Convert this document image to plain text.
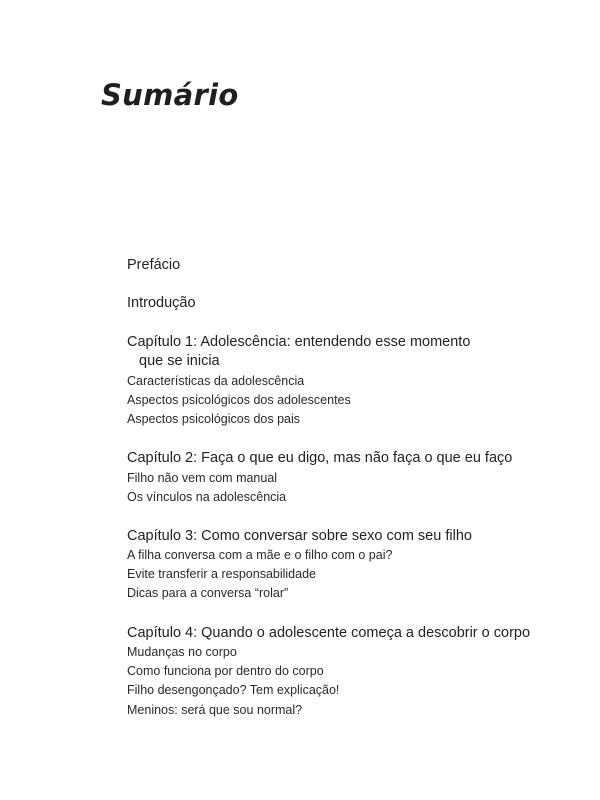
Sumário
Prefácio
Introdução
Capítulo 1: Adolescência: entendendo esse momento
que se inicia
Características da adolescência
Aspectos psicológicos dos adolescentes
Aspectos psicológicos dos pais
Capítulo 2: Faça o que eu digo, mas não faça o que eu faço
Filho não vem com manual
Os vínculos na adolescência
Capítulo 3: Como conversar sobre sexo com seu filho
A filha conversa com a mãe e o filho com o pai?
Evite transferir a responsabilidade
Dicas para a conversa “rolar”
Capítulo 4: Quando o adolescente começa a descobrir o corpo
Mudanças no corpo
Como funciona por dentro do corpo
Filho desengonçado? Tem explicação!
Meninos: será que sou normal?
